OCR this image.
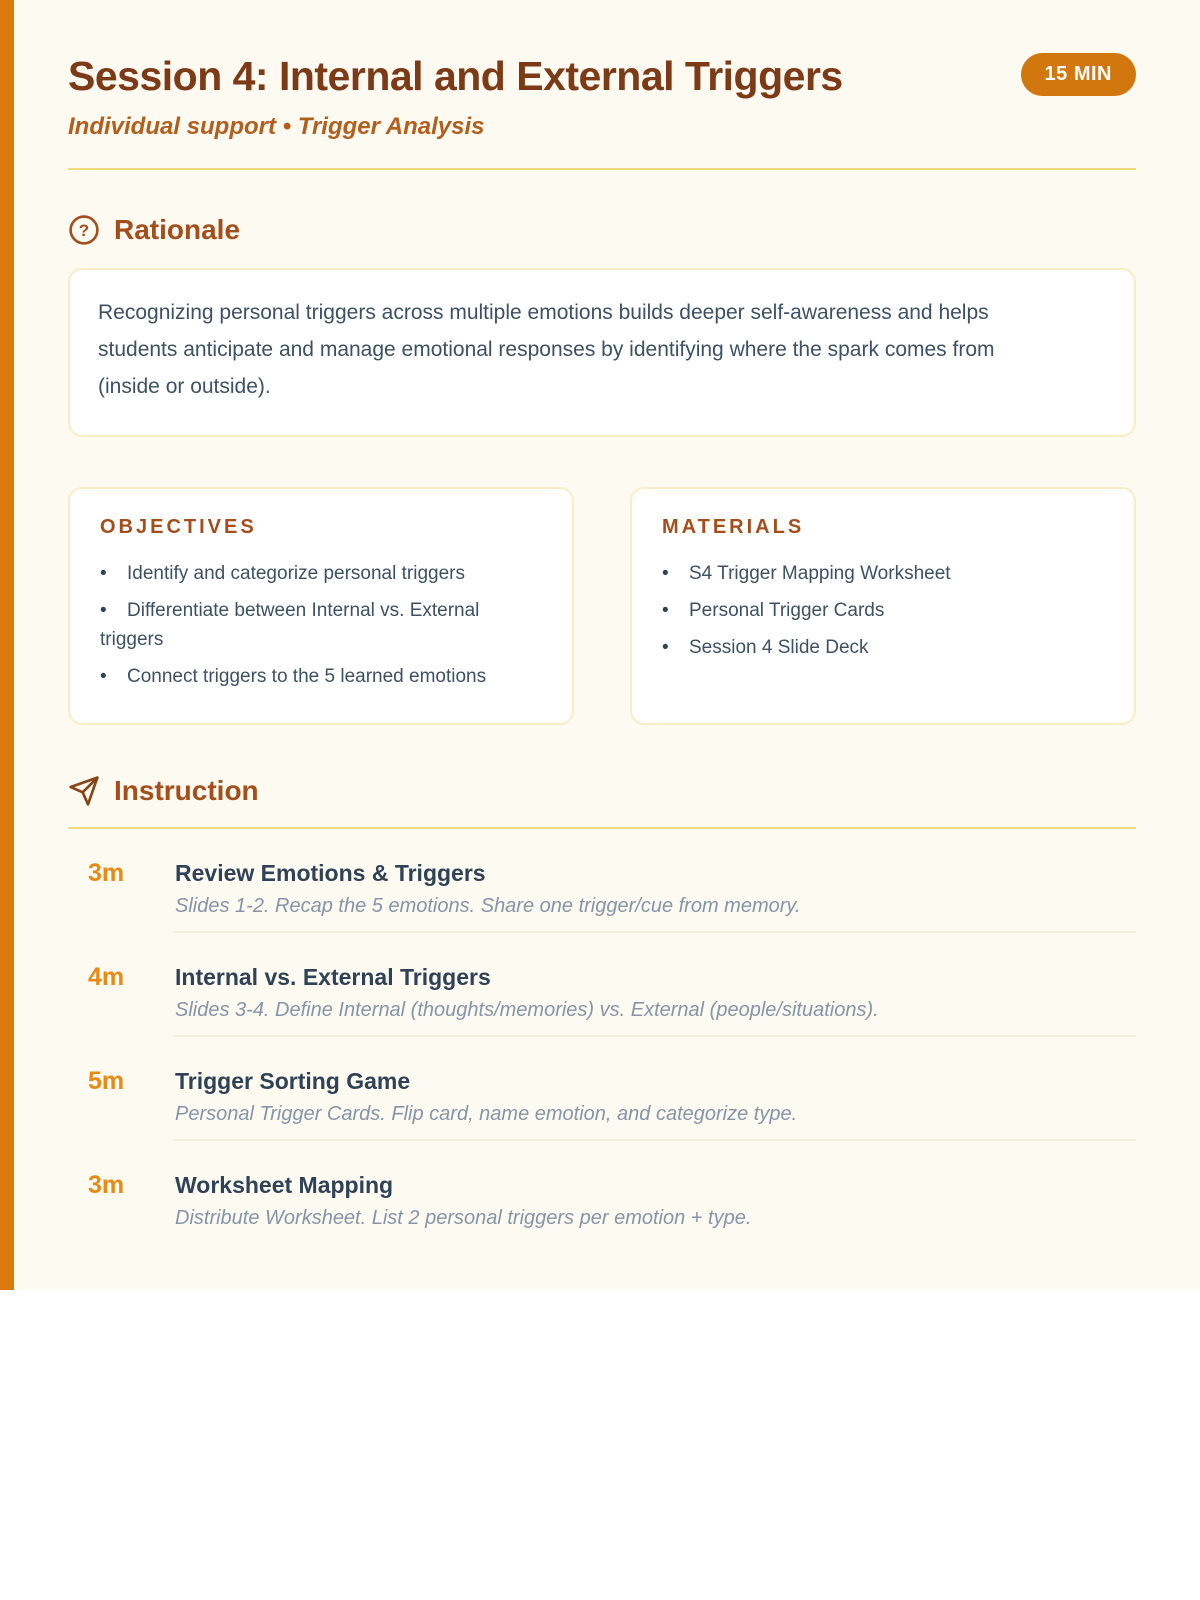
Session 4: Internal and External Triggers	15 MIN

Individual support • Trigger Analysis

? Rationale

Recognizing personal triggers across multiple emotions builds deeper self-awareness and helps students anticipate and manage emotional responses by identifying where the spark comes from (inside or outside).

OBJECTIVES
• Identify and categorize personal triggers
• Differentiate between Internal vs. External triggers
• Connect triggers to the 5 learned emotions
MATERIALS
• S4 Trigger Mapping Worksheet
• Personal Trigger Cards
• Session 4 Slide Deck
Instruction
3m	Review Emotions & Triggers
Slides 1-2. Recap the 5 emotions. Share one trigger/cue from memory.
4m	Internal vs. External Triggers
Slides 3-4. Define Internal (thoughts/memories) vs. External (people/situations).
5m	Trigger Sorting Game
Personal Trigger Cards. Flip card, name emotion, and categorize type.
3m	Worksheet Mapping
Distribute Worksheet. List 2 personal triggers per emotion + type.
